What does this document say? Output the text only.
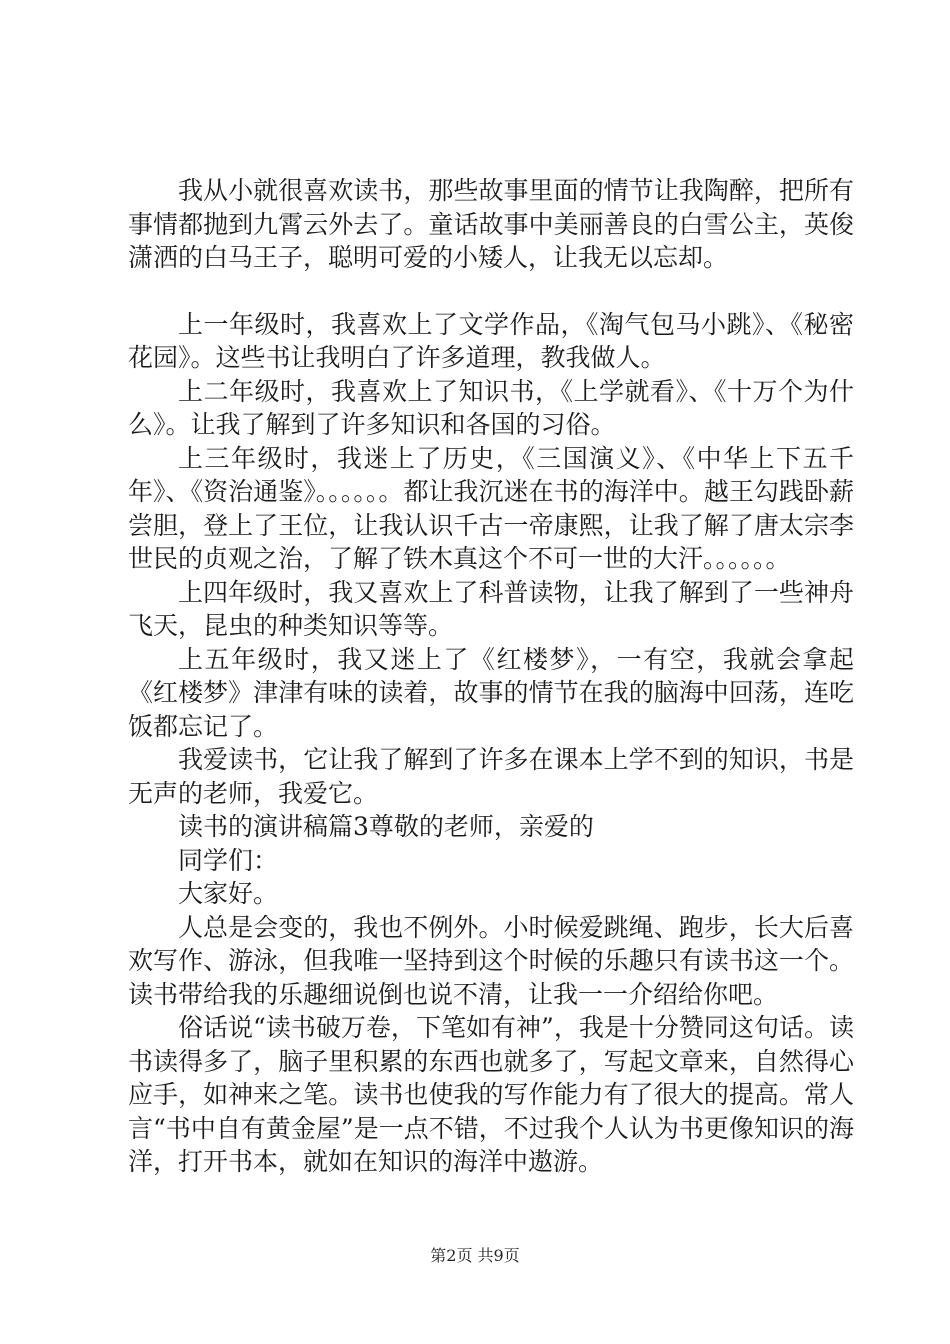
我从小就很喜欢读书，那些故事里面的情节让我陶醉，把所有事情都抛到九霄云外去了。童话故事中美丽善良的白雪公主，英俊潇洒的白马王子，聪明可爱的小矮人，让我无以忘却。

上一年级时，我喜欢上了文学作品，《淘气包马小跳》、《秘密花园》。这些书让我明白了许多道理，教我做人。

上二年级时，我喜欢上了知识书，《上学就看》、《十万个为什么》。让我了解到了许多知识和各国的习俗。

上三年级时，我迷上了历史，《三国演义》、《中华上下五千年》、《资治通鉴》。。。。。。都让我沉迷在书的海洋中。越王勾践卧薪尝胆，登上了王位，让我认识千古一帝康熙，让我了解了唐太宗李世民的贞观之治，了解了铁木真这个不可一世的大汗。。。。。。

上四年级时，我又喜欢上了科普读物，让我了解到了一些神舟飞天，昆虫的种类知识等等。

上五年级时，我又迷上了《红楼梦》，一有空，我就会拿起《红楼梦》津津有味的读着，故事的情节在我的脑海中回荡，连吃饭都忘记了。

我爱读书，它让我了解到了许多在课本上学不到的知识，书是无声的老师，我爱它。

读书的演讲稿篇3尊敬的老师，亲爱的

同学们：

大家好。

人总是会变的，我也不例外。小时候爱跳绳、跑步，长大后喜欢写作、游泳，但我唯一坚持到这个时候的乐趣只有读书这一个。读书带给我的乐趣细说倒也说不清，让我一一介绍给你吧。

俗话说“读书破万卷，下笔如有神”，我是十分赞同这句话。读书读得多了，脑子里积累的东西也就多了，写起文章来，自然得心应手，如神来之笔。读书也使我的写作能力有了很大的提高。常人言“书中自有黄金屋”是一点不错，不过我个人认为书更像知识的海洋，打开书本，就如在知识的海洋中遨游。

第2页 共9页
